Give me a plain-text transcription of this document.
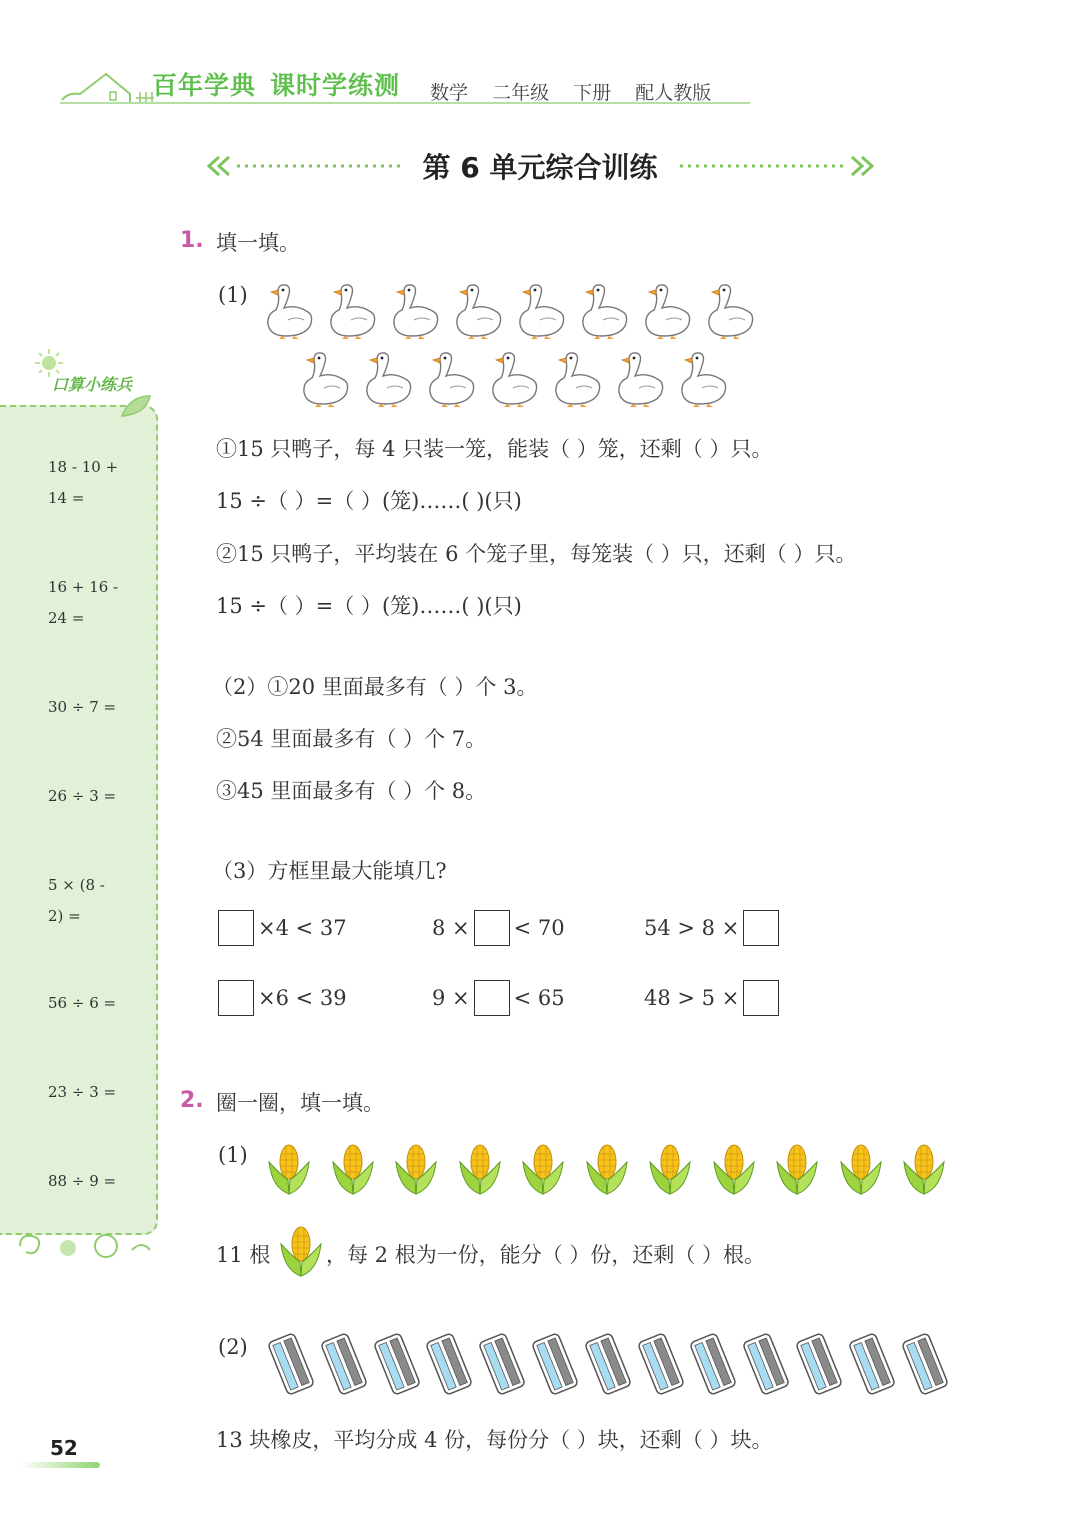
百年学典 课时学练测	数学 二年级 下册 配人教版
第 6 单元综合训练
口算小练兵
18 - 10 +
14 =
16 + 16 -
24 =
30 ÷ 7 =
26 ÷ 3 =
5 × (8 -
2) =
56 ÷ 6 =
23 ÷ 3 =
88 ÷ 9 =
1. 填一填。
(1)
①15 只鸭子，每 4 只装一笼，能装（ ）笼，还剩（ ）只。
15 ÷（ ）=（ ）(笼)……( )(只)
②15 只鸭子，平均装在 6 个笼子里，每笼装（ ）只，还剩（ ）只。
15 ÷（ ）=（ ）(笼)……( )(只)
（2）①20 里面最多有（ ）个 3。
②54 里面最多有（ ）个 7。
③45 里面最多有（ ）个 8。
（3）方框里最大能填几?
×4 < 37	8 × < 70	54 > 8 ×
×6 < 39	9 × < 65	48 > 5 ×
2. 圈一圈，填一填。
(1)
11 根	，每 2 根为一份，能分（ ）份，还剩（ ）根。
(2)
13 块橡皮，平均分成 4 份，每份分（ ）块，还剩（ ）块。
52
